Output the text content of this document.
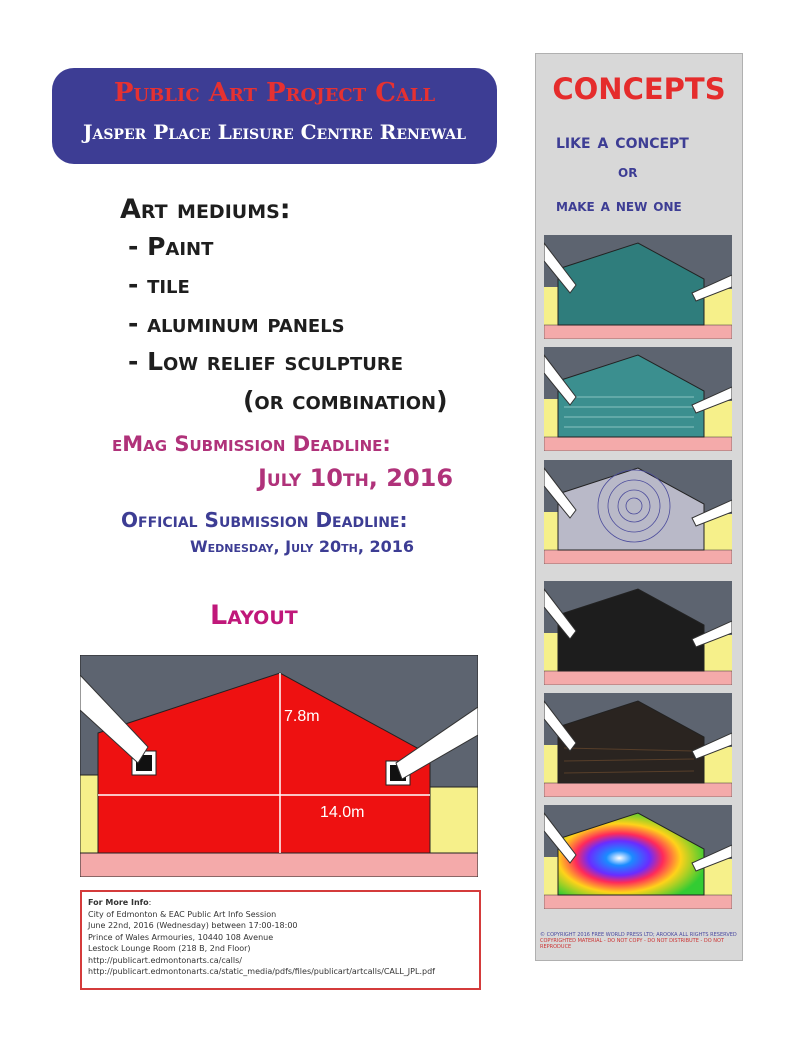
Public Art Project Call
Jasper Place Leisure Centre Renewal
Art mediums:
- Paint
- tile
- aluminum panels
- Low relief sculpture
(or combination)
eMag Submission Deadline:
July 10th, 2016
Official Submission Deadline:
Wednesday, July 20th, 2016
Layout
7.8m
14.0m
For More Info:
City of Edmonton & EAC Public Art Info Session
June 22nd, 2016 (Wednesday) between 17:00-18:00
Prince of Wales Armouries, 10440 108 Avenue
Lestock Lounge Room (218 B, 2nd Floor)
http://publicart.edmontonarts.ca/calls/
http://publicart.edmontonarts.ca/static_media/pdfs/files/publicart/artcalls/CALL_JPL.pdf
CONCEPTS
like a concept
or
make a new one
© COPYRIGHT 2016 FREE WORLD PRESS LTD; AROOKA ALL RIGHTS RESERVED
COPYRIGHTED MATERIAL - DO NOT COPY - DO NOT DISTRIBUTE - DO NOT REPRODUCE
